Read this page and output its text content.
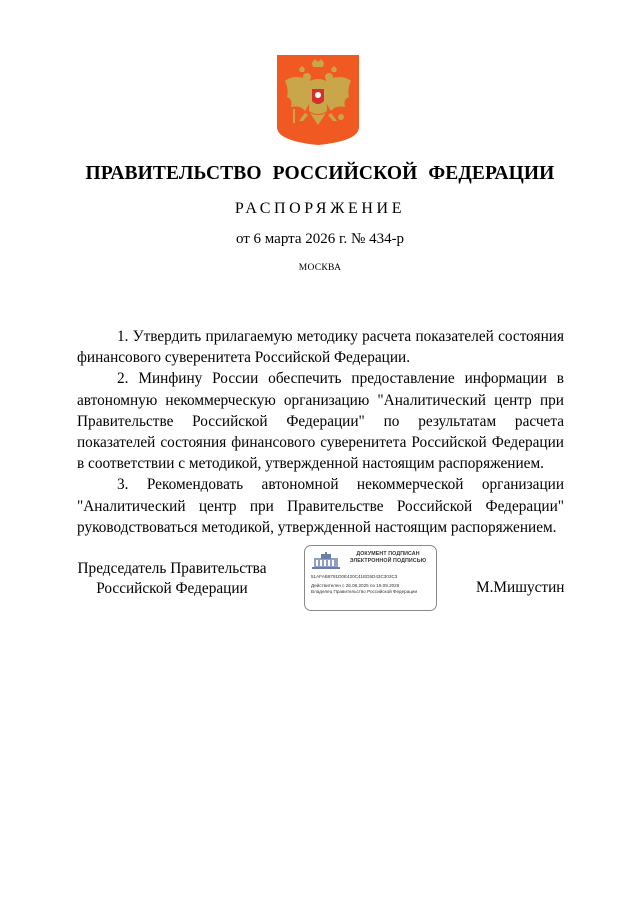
ПРАВИТЕЛЬСТВО РОССИЙСКОЙ ФЕДЕРАЦИИ
РАСПОРЯЖЕНИЕ
от 6 марта 2026 г. № 434-р
МОСКВА

1. Утвердить прилагаемую методику расчета показателей состояния финансового суверенитета Российской Федерации.

2. Минфину России обеспечить предоставление информации в автономную некоммерческую организацию "Аналитический центр при Правительстве Российской Федерации" по результатам расчета показателей состояния финансового суверенитета Российской Федерации в соответствии с методикой, утвержденной настоящим распоряжением.

3. Рекомендовать автономной некоммерческой организации "Аналитический центр при Правительстве Российской Федерации" руководствоваться методикой, утвержденной настоящим распоряжением.

Председатель Правительства
Российской Федерации
ДОКУМЕНТ ПОДПИСАН
ЭЛЕКТРОННОЙ ПОДПИСЬЮ
51AFAB8781D0E420C41ED5D43C303C3
Действителен с 26.06.2025 по 19.09.2026
Владелец Правительство Российской Федерации	М.Мишустин
